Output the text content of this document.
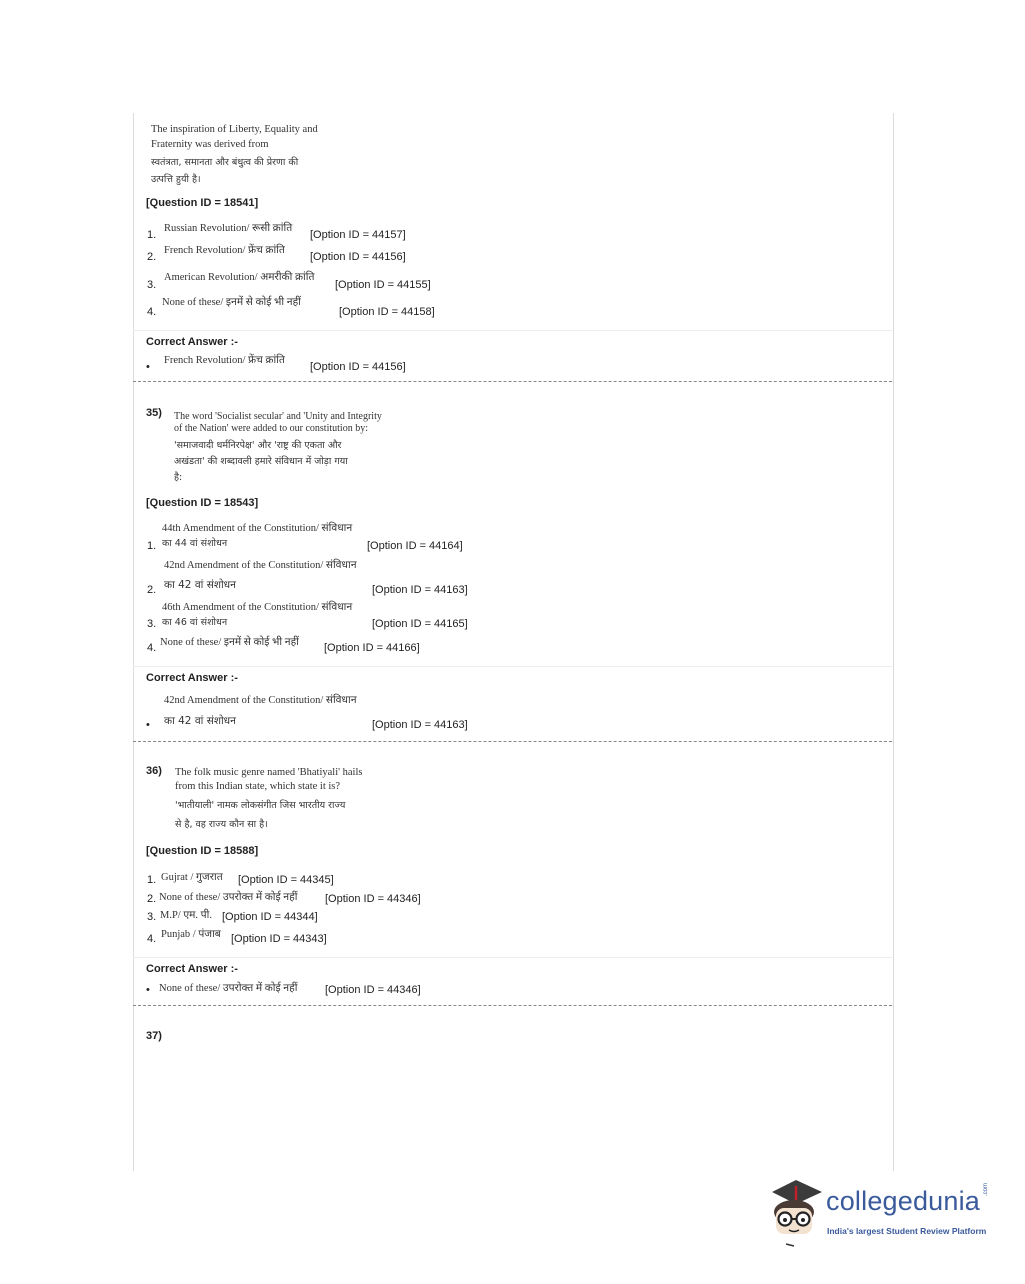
The inspiration of Liberty, Equality and
Fraternity was derived from
स्वतंत्रता, समानता और बंधुत्व की प्रेरणा की
उत्पत्ति हुयी है।
[Question ID = 18541]
1.
Russian Revolution/ रूसी क्रांति
[Option ID = 44157]
2.
French Revolution/ फ्रेंच क्रांति
[Option ID = 44156]
3.
American Revolution/ अमरीकी क्रांति
[Option ID = 44155]
4.
None of these/ इनमें से कोई भी नहीं
[Option ID = 44158]
Correct Answer :-
•
French Revolution/ फ्रेंच क्रांति
[Option ID = 44156]
35) The word 'Socialist secular' and 'Unity and Integrity
of the Nation' were added to our constitution by:
'समाजवादी धर्मनिरपेक्ष' और 'राष्ट्र की एकता और
अखंडता' की शब्दावली हमारे संविधान में जोड़ा गया
है:
[Question ID = 18543]
1.
44th Amendment of the Constitution/ संविधान
का 44 वां संशोधन	[Option ID = 44164]
2.
42nd Amendment of the Constitution/ संविधान
का 42 वां संशोधन	[Option ID = 44163]
3.
46th Amendment of the Constitution/ संविधान
का 46 वां संशोधन	[Option ID = 44165]
4. None of these/ इनमें से कोई भी नहीं [Option ID = 44166]
Correct Answer :-
42nd Amendment of the Constitution/ संविधान
• का 42 वां संशोधन	[Option ID = 44163]
36) The folk music genre named 'Bhatiyali' hails
from this Indian state, which state it is?
'भातीयाली' नामक लोकसंगीत जिस भारतीय राज्य
से है, वह राज्य कौन सा है।
[Question ID = 18588]
1. Gujrat / गुजरात [Option ID = 44345]
2. None of these/ उपरोक्त में कोई नहीं	[Option ID = 44346]
3. M.P/ एम. पी. [Option ID = 44344]
4. Punjab / पंजाब [Option ID = 44343]
Correct Answer :-
• None of these/ उपरोक्त में कोई नहीं	[Option ID = 44346]
37)
collegedunia .com
India's largest Student Review Platform
